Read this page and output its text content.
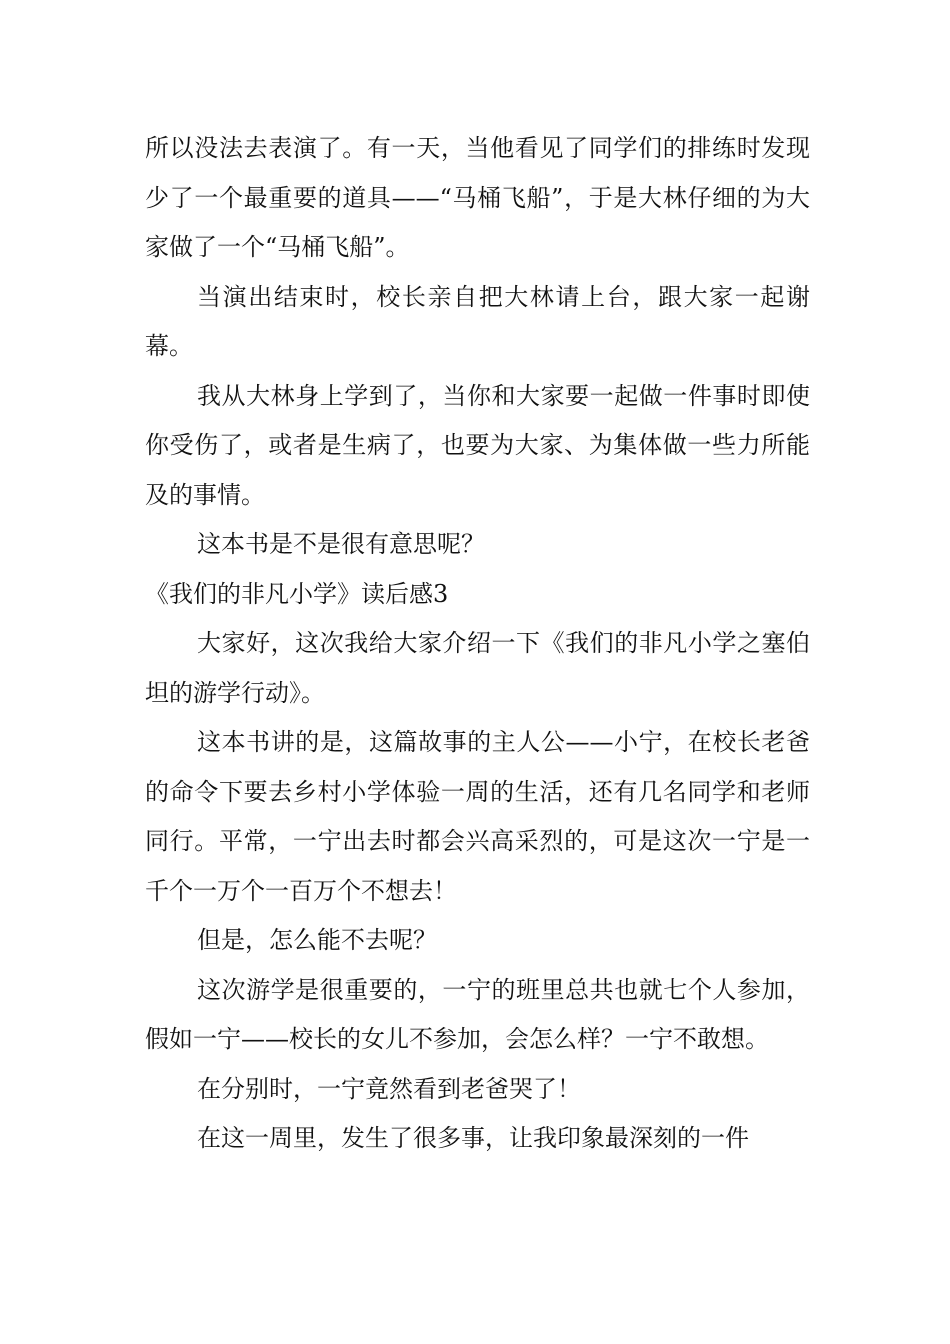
所以没法去表演了。有一天，当他看见了同学们的排练时发现少了一个最重要的道具——“马桶飞船”，于是大林仔细的为大家做了一个“马桶飞船”。

当演出结束时，校长亲自把大林请上台，跟大家一起谢幕。

我从大林身上学到了，当你和大家要一起做一件事时即使你受伤了，或者是生病了，也要为大家、为集体做一些力所能及的事情。

这本书是不是很有意思呢？

《我们的非凡小学》读后感3

大家好，这次我给大家介绍一下《我们的非凡小学之塞伯坦的游学行动》。

这本书讲的是，这篇故事的主人公——小宁，在校长老爸的命令下要去乡村小学体验一周的生活，还有几名同学和老师同行。平常，一宁出去时都会兴高采烈的，可是这次一宁是一千个一万个一百万个不想去！

但是，怎么能不去呢？

这次游学是很重要的，一宁的班里总共也就七个人参加，假如一宁——校长的女儿不参加，会怎么样？一宁不敢想。

在分别时，一宁竟然看到老爸哭了！

在这一周里，发生了很多事，让我印象最深刻的一件
